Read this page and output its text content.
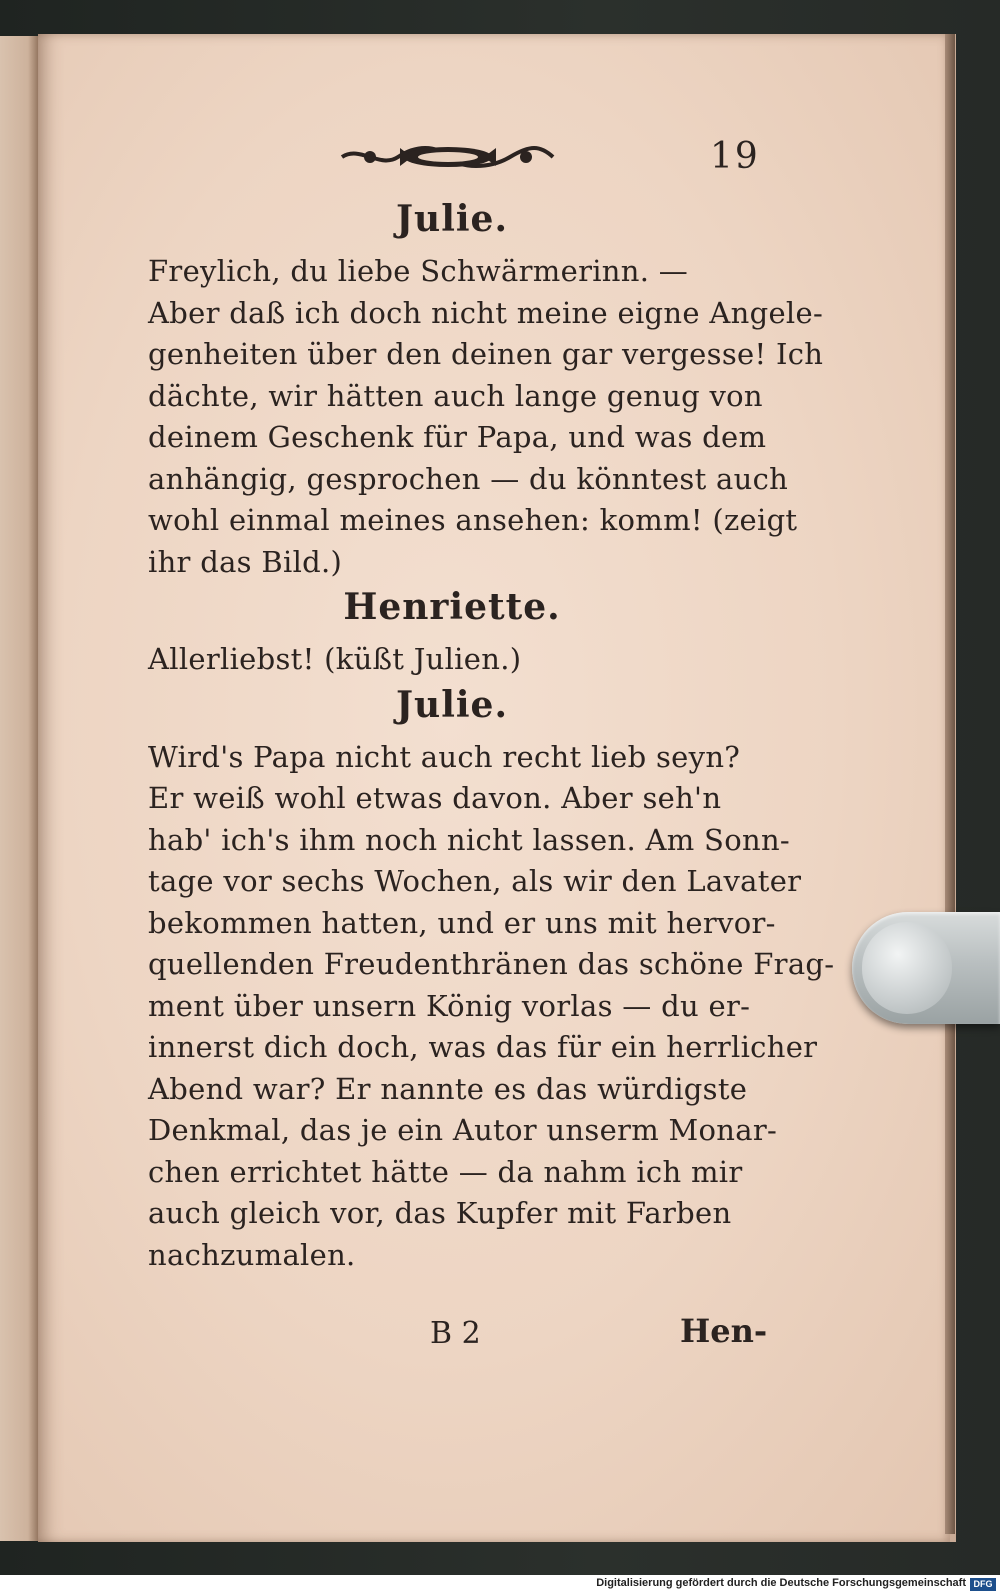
19
Julie.
Freylich, du liebe Schwärmerinn. —
Aber daß ich doch nicht meine eigne Angele-
genheiten über den deinen gar vergesse! Ich
dächte, wir hätten auch lange genug von
deinem Geschenk für Papa, und was dem
anhängig, gesprochen — du könntest auch
wohl einmal meines ansehen: komm! (zeigt
ihr das Bild.)
Henriette.
Allerliebst! (küßt Julien.)
Julie.
Wird's Papa nicht auch recht lieb seyn?
Er weiß wohl etwas davon. Aber seh'n
hab' ich's ihm noch nicht lassen. Am Sonn-
tage vor sechs Wochen, als wir den Lavater
bekommen hatten, und er uns mit hervor-
quellenden Freudenthränen das schöne Frag-
ment über unsern König vorlas — du er-
innerst dich doch, was das für ein herrlicher
Abend war? Er nannte es das würdigste
Denkmal, das je ein Autor unserm Monar-
chen errichtet hätte — da nahm ich mir
auch gleich vor, das Kupfer mit Farben
nachzumalen.
B 2	Hen-
Digitalisierung gefördert durch die Deutsche Forschungsgemeinschaft DFG
